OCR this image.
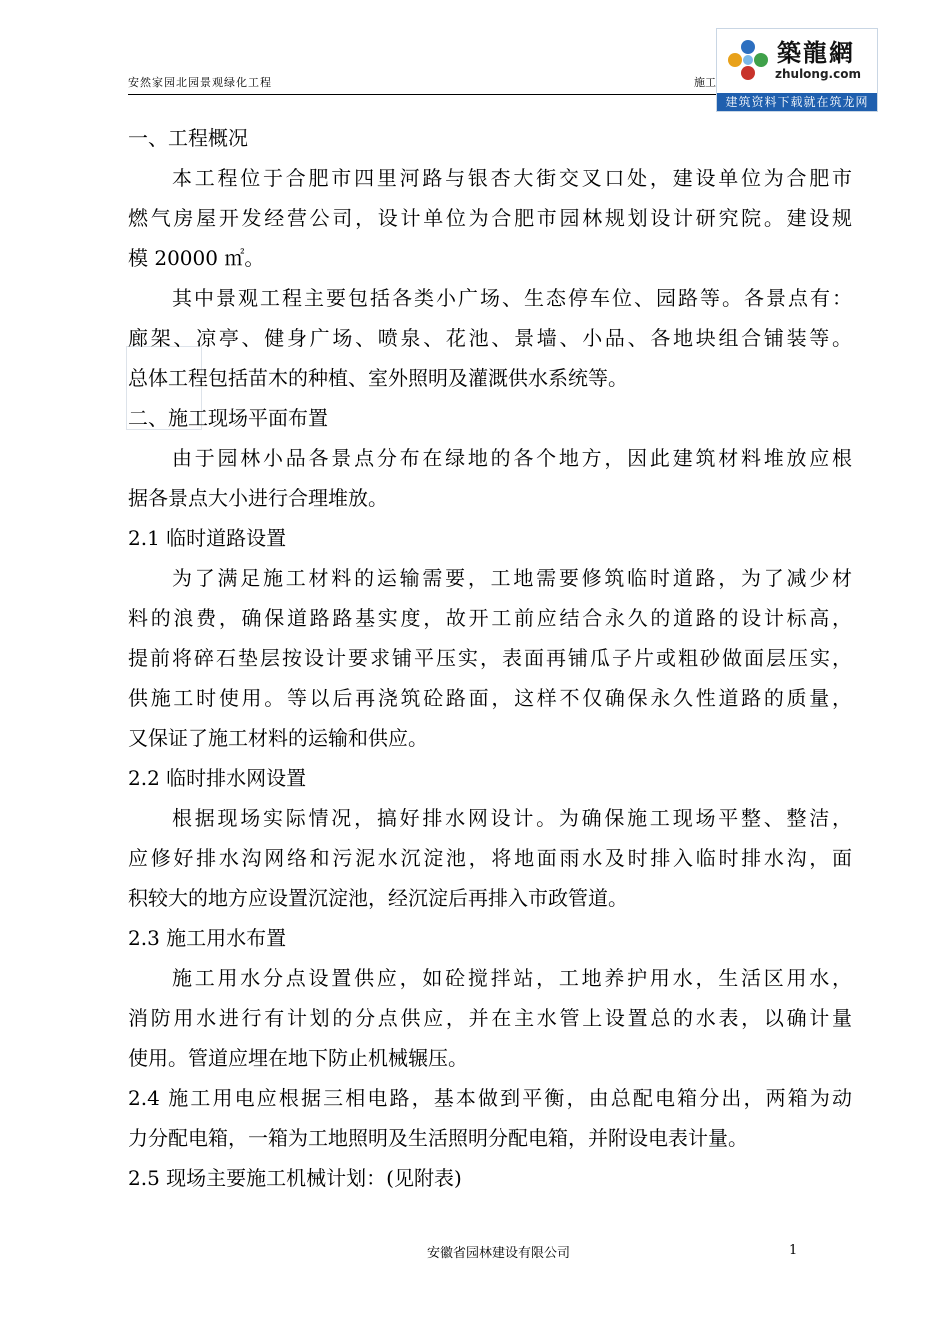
安然家园北园景观绿化工程	施工
築龍網
zhulong.com
建筑资料下载就在筑龙网
一、工程概况
本工程位于合肥市四里河路与银杏大街交叉口处，建设单位为合肥市
燃气房屋开发经营公司，设计单位为合肥市园林规划设计研究院。建设规
模 20000 ㎡。
其中景观工程主要包括各类小广场、生态停车位、园路等。各景点有：
廊架、凉亭、健身广场、喷泉、花池、景墙、小品、各地块组合铺装等。
总体工程包括苗木的种植、室外照明及灌溉供水系统等。
二、施工现场平面布置
由于园林小品各景点分布在绿地的各个地方，因此建筑材料堆放应根
据各景点大小进行合理堆放。
2.1 临时道路设置
为了满足施工材料的运输需要，工地需要修筑临时道路，为了减少材
料的浪费，确保道路路基实度，故开工前应结合永久的道路的设计标高，
提前将碎石垫层按设计要求铺平压实，表面再铺瓜子片或粗砂做面层压实，
供施工时使用。等以后再浇筑砼路面，这样不仅确保永久性道路的质量，
又保证了施工材料的运输和供应。
2.2 临时排水网设置
根据现场实际情况，搞好排水网设计。为确保施工现场平整、整洁，
应修好排水沟网络和污泥水沉淀池，将地面雨水及时排入临时排水沟，面
积较大的地方应设置沉淀池，经沉淀后再排入市政管道。
2.3 施工用水布置
施工用水分点设置供应，如砼搅拌站，工地养护用水，生活区用水，
消防用水进行有计划的分点供应，并在主水管上设置总的水表，以确计量
使用。管道应埋在地下防止机械辗压。
2.4 施工用电应根据三相电路，基本做到平衡，由总配电箱分出，两箱为动
力分配电箱，一箱为工地照明及生活照明分配电箱，并附设电表计量。
2.5 现场主要施工机械计划：(见附表)
安徽省园林建设有限公司	1
